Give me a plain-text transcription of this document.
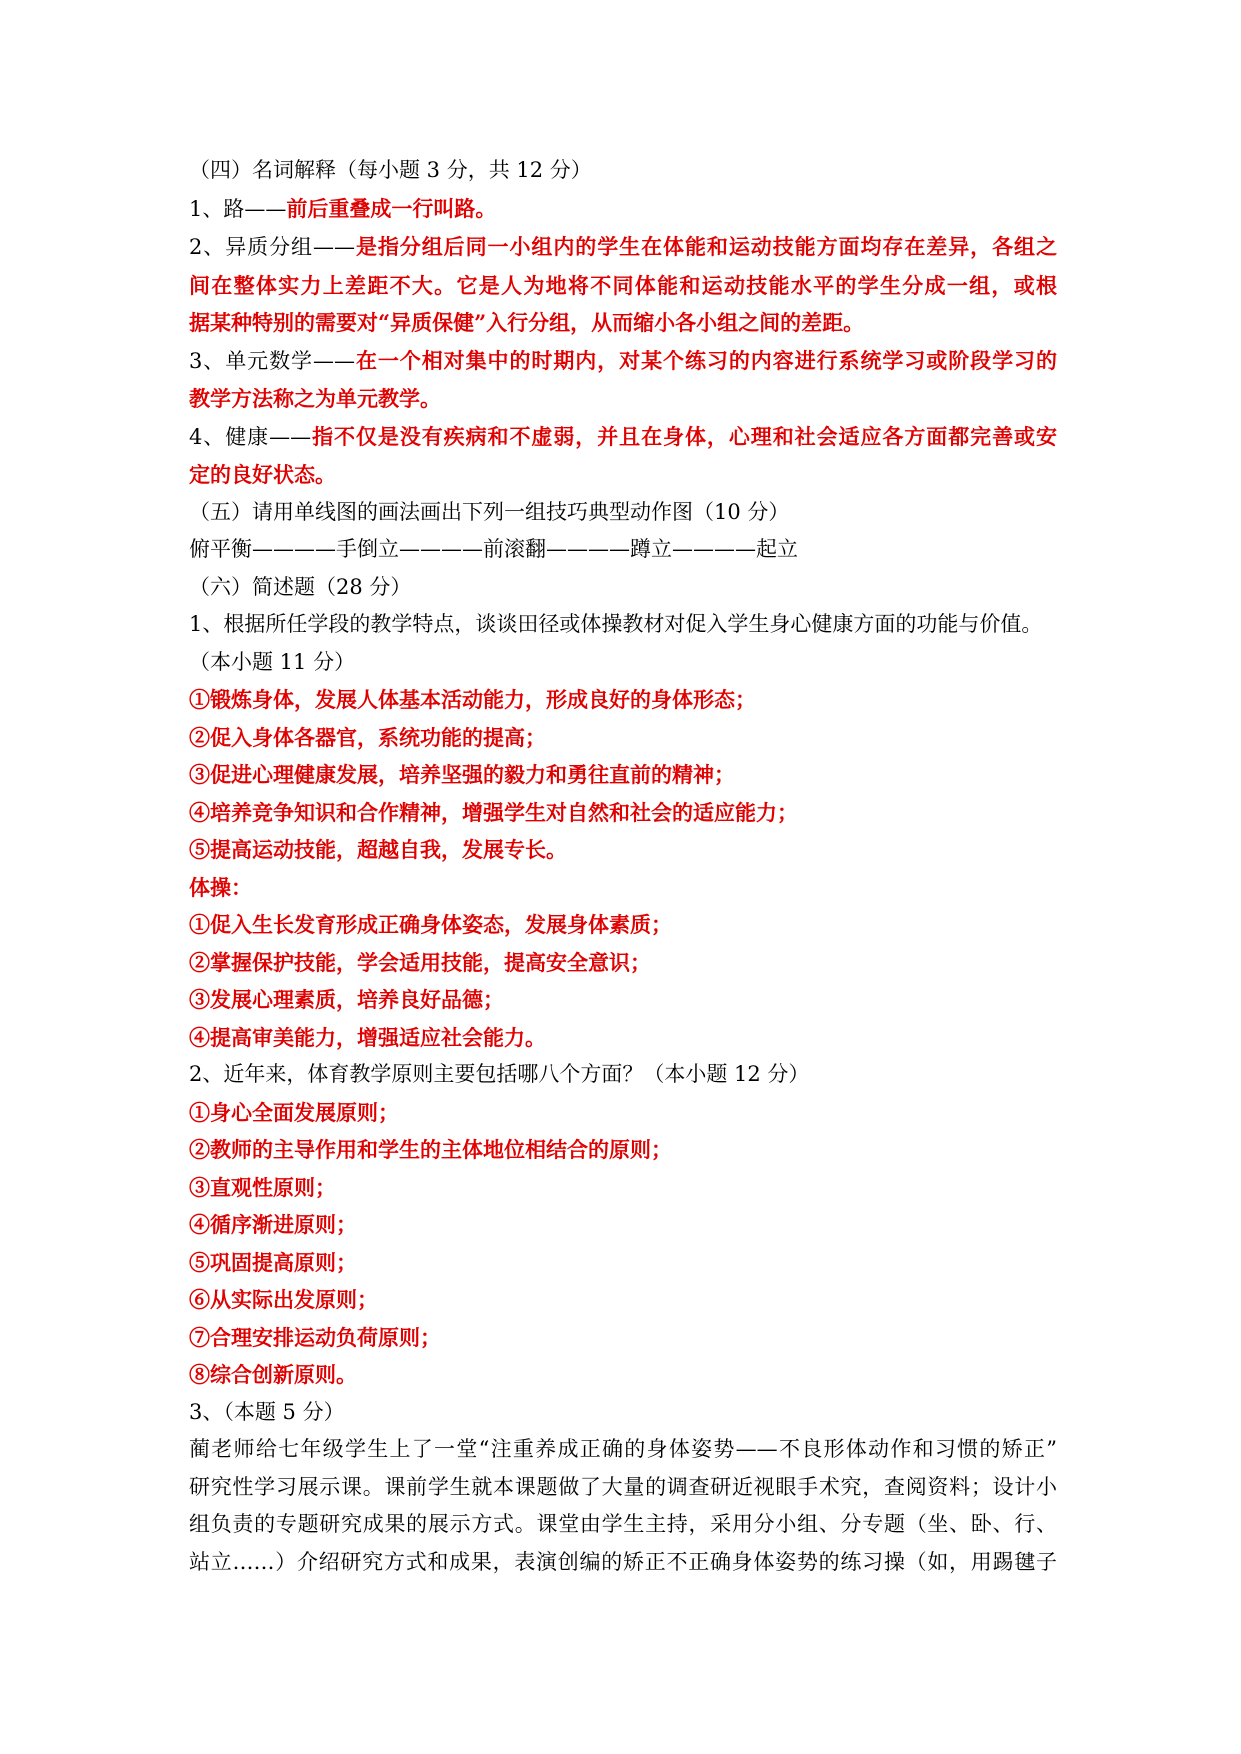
（四）名词解释（每小题 3 分，共 12 分）
1、路——前后重叠成一行叫路。
2、异质分组——是指分组后同一小组内的学生在体能和运动技能方面均存在差异，各组之
间在整体实力上差距不大。它是人为地将不同体能和运动技能水平的学生分成一组，或根
据某种特别的需要对“异质保健”入行分组，从而缩小各小组之间的差距。
3、单元数学——在一个相对集中的时期内，对某个练习的内容进行系统学习或阶段学习的
教学方法称之为单元教学。
4、健康——指不仅是没有疾病和不虚弱，并且在身体，心理和社会适应各方面都完善或安
定的良好状态。
（五）请用单线图的画法画出下列一组技巧典型动作图（10 分）
俯平衡————手倒立————前滚翻————蹲立————起立
（六）简述题（28 分）
1、根据所任学段的教学特点，谈谈田径或体操教材对促入学生身心健康方面的功能与价值。
（本小题 11 分）
①锻炼身体，发展人体基本活动能力，形成良好的身体形态；
②促入身体各器官，系统功能的提高；
③促进心理健康发展，培养坚强的毅力和勇往直前的精神；
④培养竞争知识和合作精神，增强学生对自然和社会的适应能力；
⑤提高运动技能，超越自我，发展专长。
体操：
①促入生长发育形成正确身体姿态，发展身体素质；
②掌握保护技能，学会适用技能，提高安全意识；
③发展心理素质，培养良好品德；
④提高审美能力，增强适应社会能力。
2、近年来，体育教学原则主要包括哪八个方面？（本小题 12 分）
①身心全面发展原则；
②教师的主导作用和学生的主体地位相结合的原则；
③直观性原则；
④循序渐进原则；
⑤巩固提高原则；
⑥从实际出发原则；
⑦合理安排运动负荷原则；
⑧综合创新原则。
3、（本题 5 分）
蔺老师给七年级学生上了一堂“注重养成正确的身体姿势——不良形体动作和习惯的矫正”
研究性学习展示课。课前学生就本课题做了大量的调查研近视眼手术究，查阅资料；设计小
组负责的专题研究成果的展示方式。课堂由学生主持，采用分小组、分专题（坐、卧、行、
站立……）介绍研究方式和成果，表演创编的矫正不正确身体姿势的练习操（如，用踢毽子
